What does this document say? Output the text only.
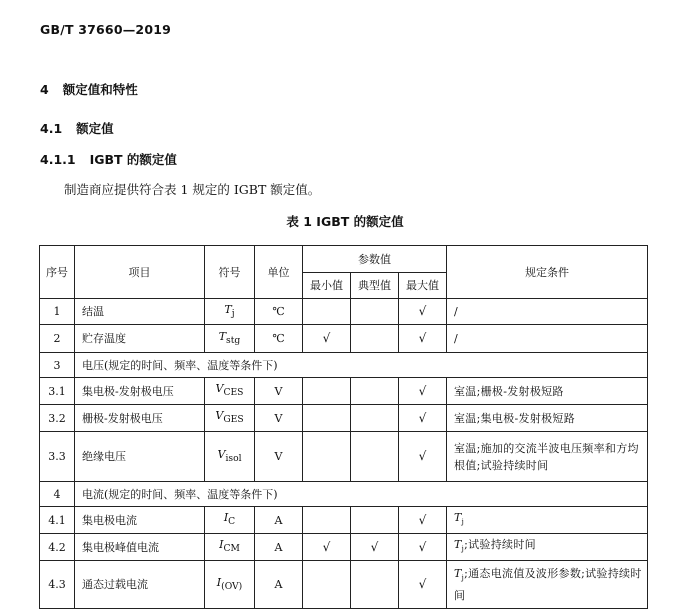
GB/T 37660—2019
4 额定值和特性
4.1 额定值
4.1.1 IGBT 的额定值
制造商应提供符合表 1 规定的 IGBT 额定值。
表 1 IGBT 的额定值
序号	项目	符号	单位	参数值			规定条件
				最小值	典型值	最大值	
1	结温	$T_j$	℃			√	/
2	贮存温度	$T_{stg}$	℃	√		√	/
3	电压(规定的时间、频率、温度等条件下)						
3.1	集电极-发射极电压	$V_{CES}$	V			√	室温;栅极-发射极短路
3.2	栅极-发射极电压	$V_{GES}$	V			√	室温;集电极-发射极短路
3.3	绝缘电压	$V_{isol}$	V			√	室温;施加的交流半波电压频率和方均根值;试验持续时间
4	电流(规定的时间、频率、温度等条件下)						
4.1	集电极电流	$I_C$	A			√	$T_j$
4.2	集电极峰值电流	$I_{CM}$	A	√	√	√	$T_j$;试验持续时间
4.3	通态过载电流	$I_{(OV)}$	A			√	$T_j$;通态电流值及波形参数;试验持续时间
